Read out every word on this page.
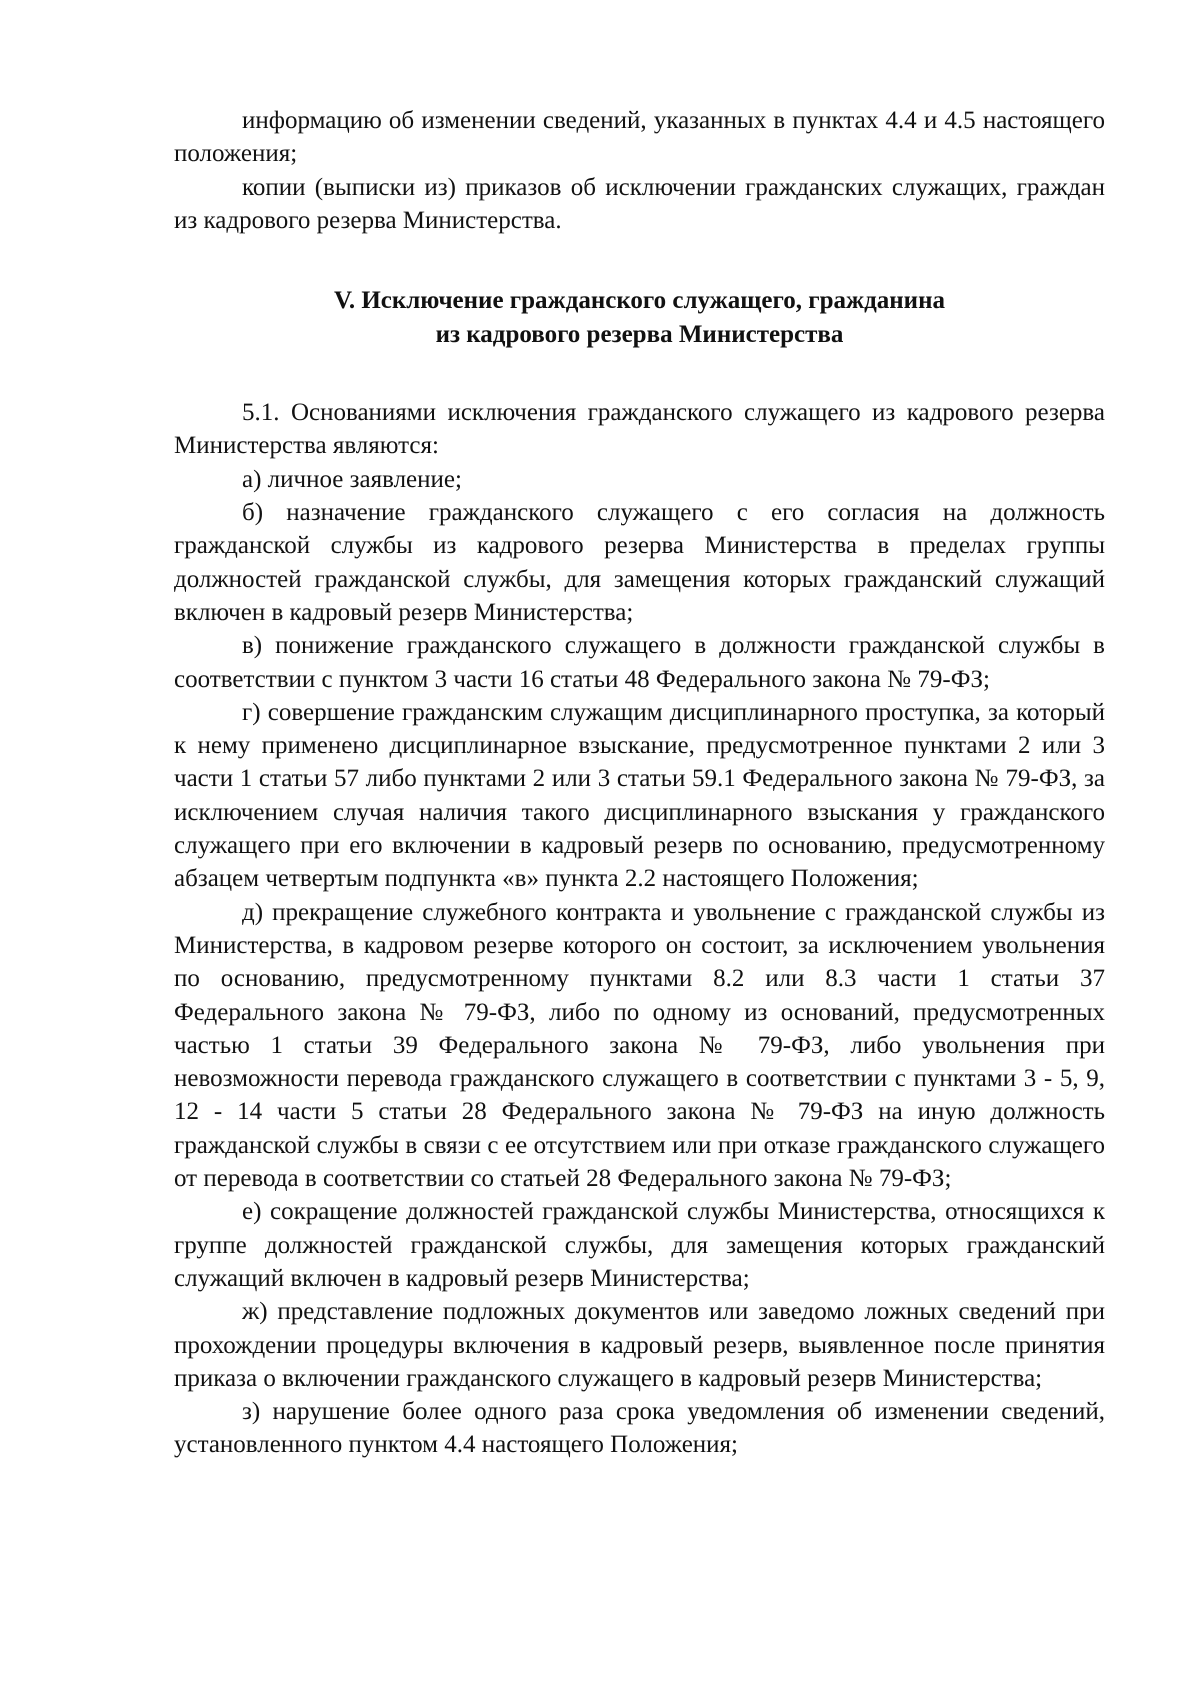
информацию об изменении сведений, указанных в пунктах 4.4 и 4.5 настоящего положения;

копии (выписки из) приказов об исключении гражданских служащих, граждан из кадрового резерва Министерства.

V. Исключение гражданского служащего, гражданина
из кадрового резерва Министерства

5.1. Основаниями исключения гражданского служащего из кадрового резерва Министерства являются:

а) личное заявление;

б) назначение гражданского служащего с его согласия на должность гражданской службы из кадрового резерва Министерства в пределах группы должностей гражданской службы, для замещения которых гражданский служащий включен в кадровый резерв Министерства;

в) понижение гражданского служащего в должности гражданской службы в соответствии с пунктом 3 части 16 статьи 48 Федерального закона № 79-ФЗ;

г) совершение гражданским служащим дисциплинарного проступка, за который к нему применено дисциплинарное взыскание, предусмотренное пунктами 2 или 3 части 1 статьи 57 либо пунктами 2 или 3 статьи 59.1 Федерального закона № 79-ФЗ, за исключением случая наличия такого дисциплинарного взыскания у гражданского служащего при его включении в кадровый резерв по основанию, предусмотренному абзацем четвертым подпункта «в» пункта 2.2 настоящего Положения;

д) прекращение служебного контракта и увольнение с гражданской службы из Министерства, в кадровом резерве которого он состоит, за исключением увольнения по основанию, предусмотренному пунктами 8.2 или 8.3 части 1 статьи 37 Федерального закона № 79-ФЗ, либо по одному из оснований, предусмотренных частью 1 статьи 39 Федерального закона № 79-ФЗ, либо увольнения при невозможности перевода гражданского служащего в соответствии с пунктами 3 - 5, 9, 12 - 14 части 5 статьи 28 Федерального закона № 79-ФЗ на иную должность гражданской службы в связи с ее отсутствием или при отказе гражданского служащего от перевода в соответствии со статьей 28 Федерального закона № 79-ФЗ;

е) сокращение должностей гражданской службы Министерства, относящихся к группе должностей гражданской службы, для замещения которых гражданский служащий включен в кадровый резерв Министерства;

ж) представление подложных документов или заведомо ложных сведений при прохождении процедуры включения в кадровый резерв, выявленное после принятия приказа о включении гражданского служащего в кадровый резерв Министерства;

з) нарушение более одного раза срока уведомления об изменении сведений, установленного пунктом 4.4 настоящего Положения;
